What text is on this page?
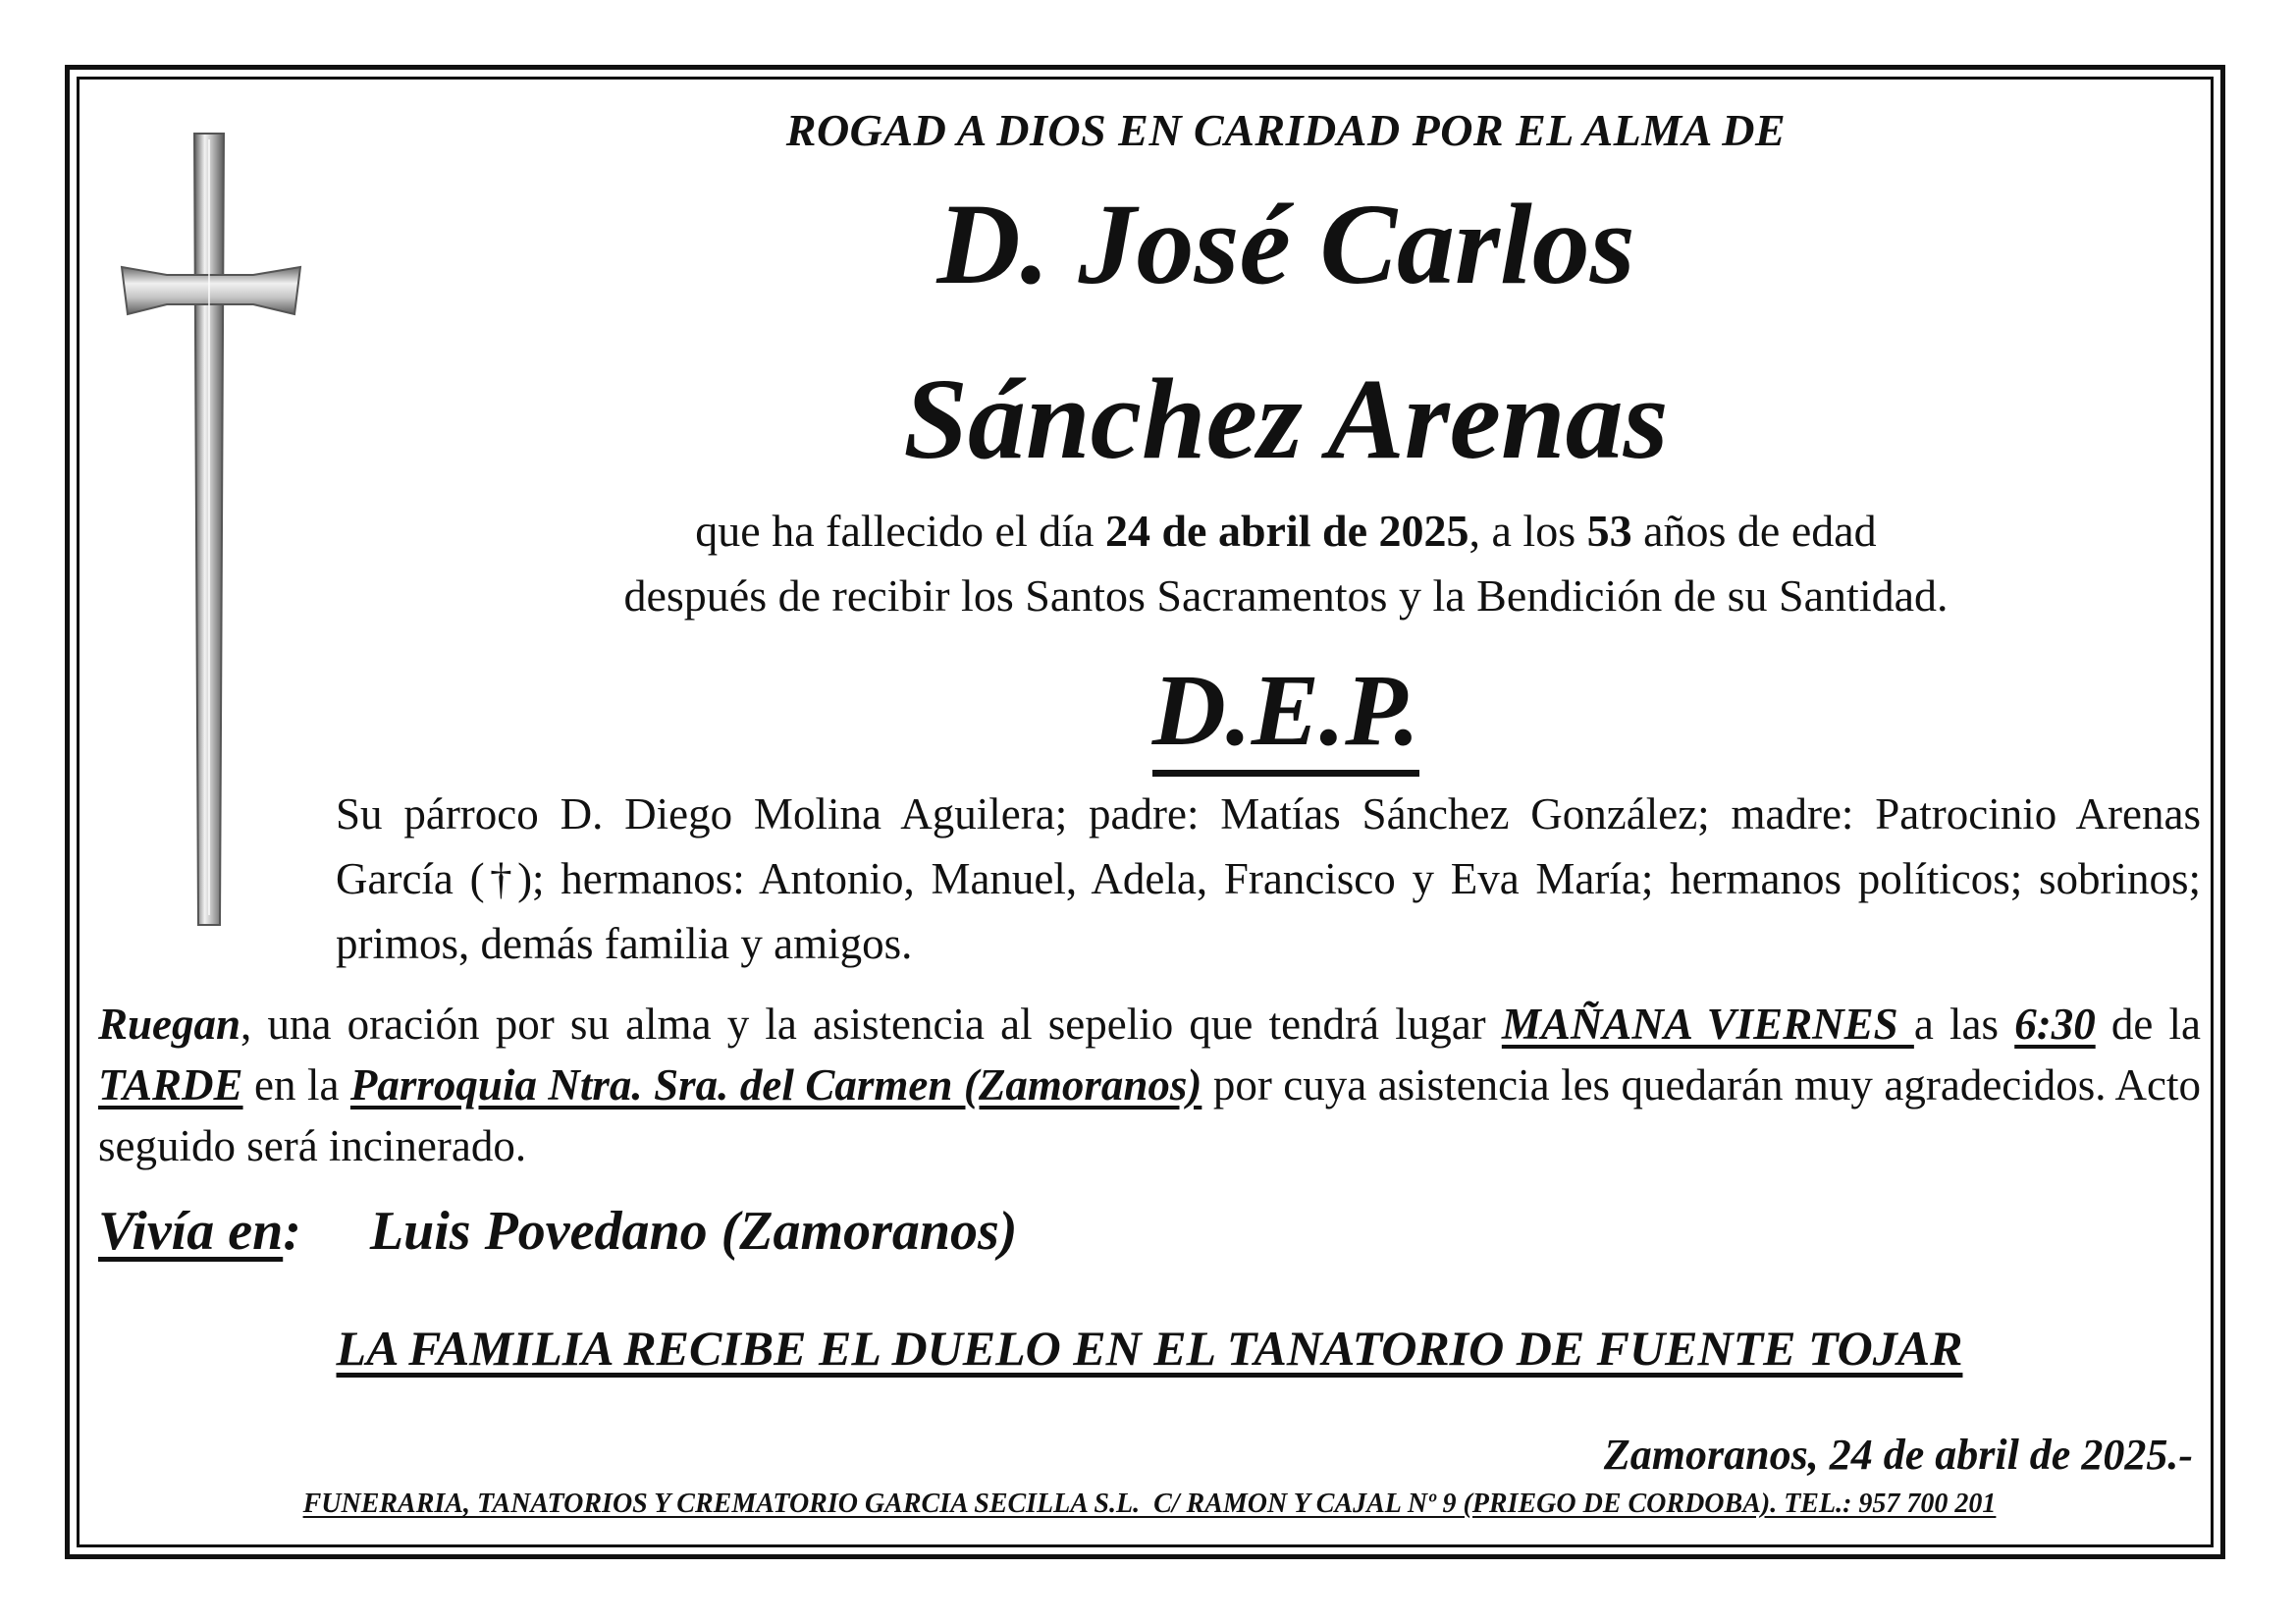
ROGAD A DIOS EN CARIDAD POR EL ALMA DE
D. José Carlos
Sánchez Arenas
que ha fallecido el día 24 de abril de 2025, a los 53 años de edad
después de recibir los Santos Sacramentos y la Bendición de su Santidad.
D.E.P.
Su párroco D. Diego Molina Aguilera; padre: Matías Sánchez González; madre: Patrocinio Arenas García (†); hermanos: Antonio, Manuel, Adela, Francisco y Eva María; hermanos políticos; sobrinos; primos, demás familia y amigos.
Ruegan, una oración por su alma y la asistencia al sepelio que tendrá lugar MAÑANA VIERNES a las 6:30 de la TARDE en la Parroquia Ntra. Sra. del Carmen (Zamoranos) por cuya asistencia les quedarán muy agradecidos. Acto seguido será incinerado.
Vivía en: Luis Povedano (Zamoranos)
LA FAMILIA RECIBE EL DUELO EN EL TANATORIO DE FUENTE TOJAR
Zamoranos, 24 de abril de 2025.-
FUNERARIA, TANATORIOS Y CREMATORIO GARCIA SECILLA S.L.  C/ RAMON Y CAJAL Nº 9 (PRIEGO DE CORDOBA). TEL.: 957 700 201
